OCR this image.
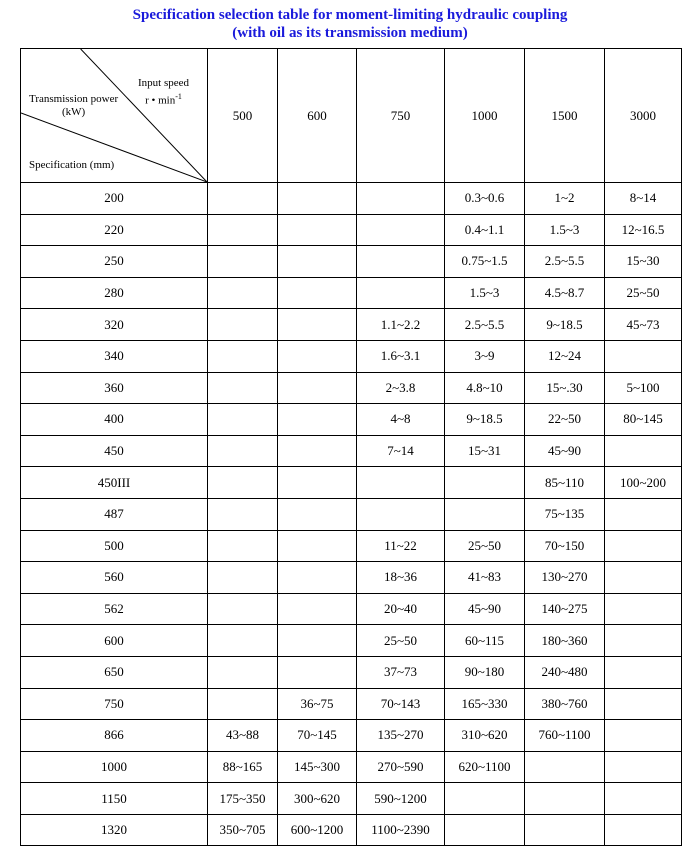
Specification selection table for moment-limiting hydraulic coupling
(with oil as its transmission medium)
Input speed
r • $\min^{-1}$
Transmission power
(kW)
Specification (mm)	500	600	750	1000	1500	3000
200				0.3~0.6	1~2	8~14
220				0.4~1.1	1.5~3	12~16.5
250				0.75~1.5	2.5~5.5	15~30
280				1.5~3	4.5~8.7	25~50
320			1.1~2.2	2.5~5.5	9~18.5	45~73
340			1.6~3.1	3~9	12~24	
360			2~3.8	4.8~10	15~.30	5~100
400			4~8	9~18.5	22~50	80~145
450			7~14	15~31	45~90	
450III					85~110	100~200
487					75~135	
500			11~22	25~50	70~150	
560			18~36	41~83	130~270	
562			20~40	45~90	140~275	
600			25~50	60~115	180~360	
650			37~73	90~180	240~480	
750		36~75	70~143	165~330	380~760	
866	43~88	70~145	135~270	310~620	760~1100	
1000	88~165	145~300	270~590	620~1100		
1150	175~350	300~620	590~1200			
1320	350~705	600~1200	1100~2390			
